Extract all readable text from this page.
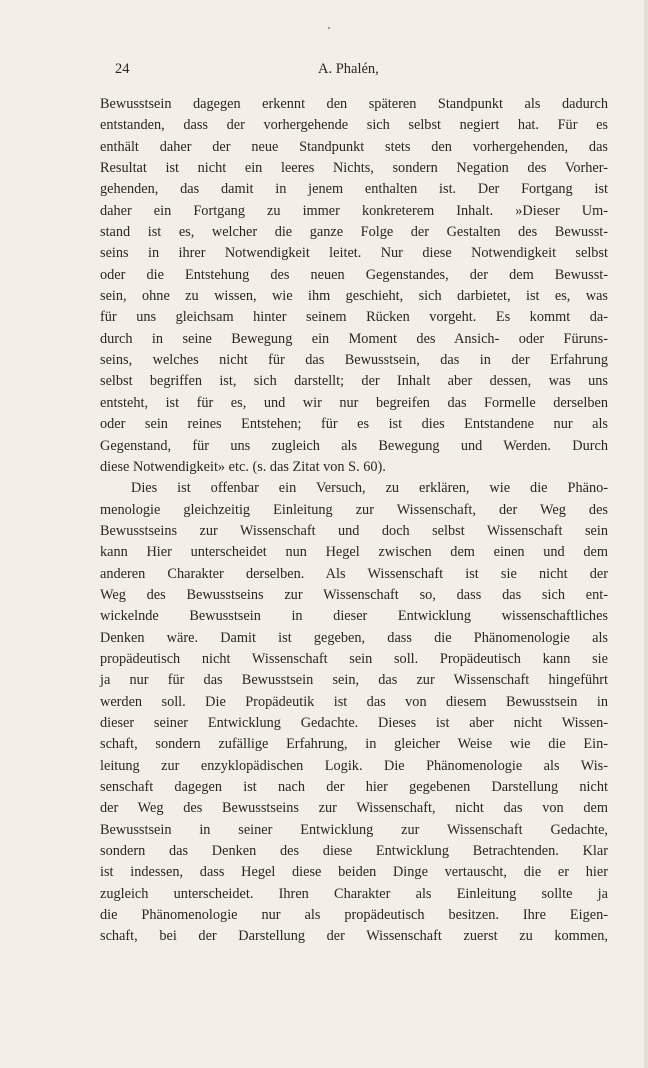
24	A. Phalén,
Bewusstsein dagegen erkennt den späteren Standpunkt als dadurch
entstanden, dass der vorhergehende sich selbst negiert hat. Für es
enthält daher der neue Standpunkt stets den vorhergehenden, das
Resultat ist nicht ein leeres Nichts, sondern Negation des Vorher-
gehenden, das damit in jenem enthalten ist. Der Fortgang ist
daher ein Fortgang zu immer konkreterem Inhalt. »Dieser Um-
stand ist es, welcher die ganze Folge der Gestalten des Bewusst-
seins in ihrer Notwendigkeit leitet. Nur diese Notwendigkeit selbst
oder die Entstehung des neuen Gegenstandes, der dem Bewusst-
sein, ohne zu wissen, wie ihm geschieht, sich darbietet, ist es, was
für uns gleichsam hinter seinem Rücken vorgeht. Es kommt da-
durch in seine Bewegung ein Moment des Ansich- oder Füruns-
seins, welches nicht für das Bewusstsein, das in der Erfahrung
selbst begriffen ist, sich darstellt; der Inhalt aber dessen, was uns
entsteht, ist für es, und wir nur begreifen das Formelle derselben
oder sein reines Entstehen; für es ist dies Entstandene nur als
Gegenstand, für uns zugleich als Bewegung und Werden. Durch
diese Notwendigkeit» etc. (s. das Zitat von S. 60).
Dies ist offenbar ein Versuch, zu erklären, wie die Phäno-
menologie gleichzeitig Einleitung zur Wissenschaft, der Weg des
Bewusstseins zur Wissenschaft und doch selbst Wissenschaft sein
kann Hier unterscheidet nun Hegel zwischen dem einen und dem
anderen Charakter derselben. Als Wissenschaft ist sie nicht der
Weg des Bewusstseins zur Wissenschaft so, dass das sich ent-
wickelnde Bewusstsein in dieser Entwicklung wissenschaftliches
Denken wäre. Damit ist gegeben, dass die Phänomenologie als
propädeutisch nicht Wissenschaft sein soll. Propädeutisch kann sie
ja nur für das Bewusstsein sein, das zur Wissenschaft hingeführt
werden soll. Die Propädeutik ist das von diesem Bewusstsein in
dieser seiner Entwicklung Gedachte. Dieses ist aber nicht Wissen-
schaft, sondern zufällige Erfahrung, in gleicher Weise wie die Ein-
leitung zur enzyklopädischen Logik. Die Phänomenologie als Wis-
senschaft dagegen ist nach der hier gegebenen Darstellung nicht
der Weg des Bewusstseins zur Wissenschaft, nicht das von dem
Bewusstsein in seiner Entwicklung zur Wissenschaft Gedachte,
sondern das Denken des diese Entwicklung Betrachtenden. Klar
ist indessen, dass Hegel diese beiden Dinge vertauscht, die er hier
zugleich unterscheidet. Ihren Charakter als Einleitung sollte ja
die Phänomenologie nur als propädeutisch besitzen. Ihre Eigen-
schaft, bei der Darstellung der Wissenschaft zuerst zu kommen,
